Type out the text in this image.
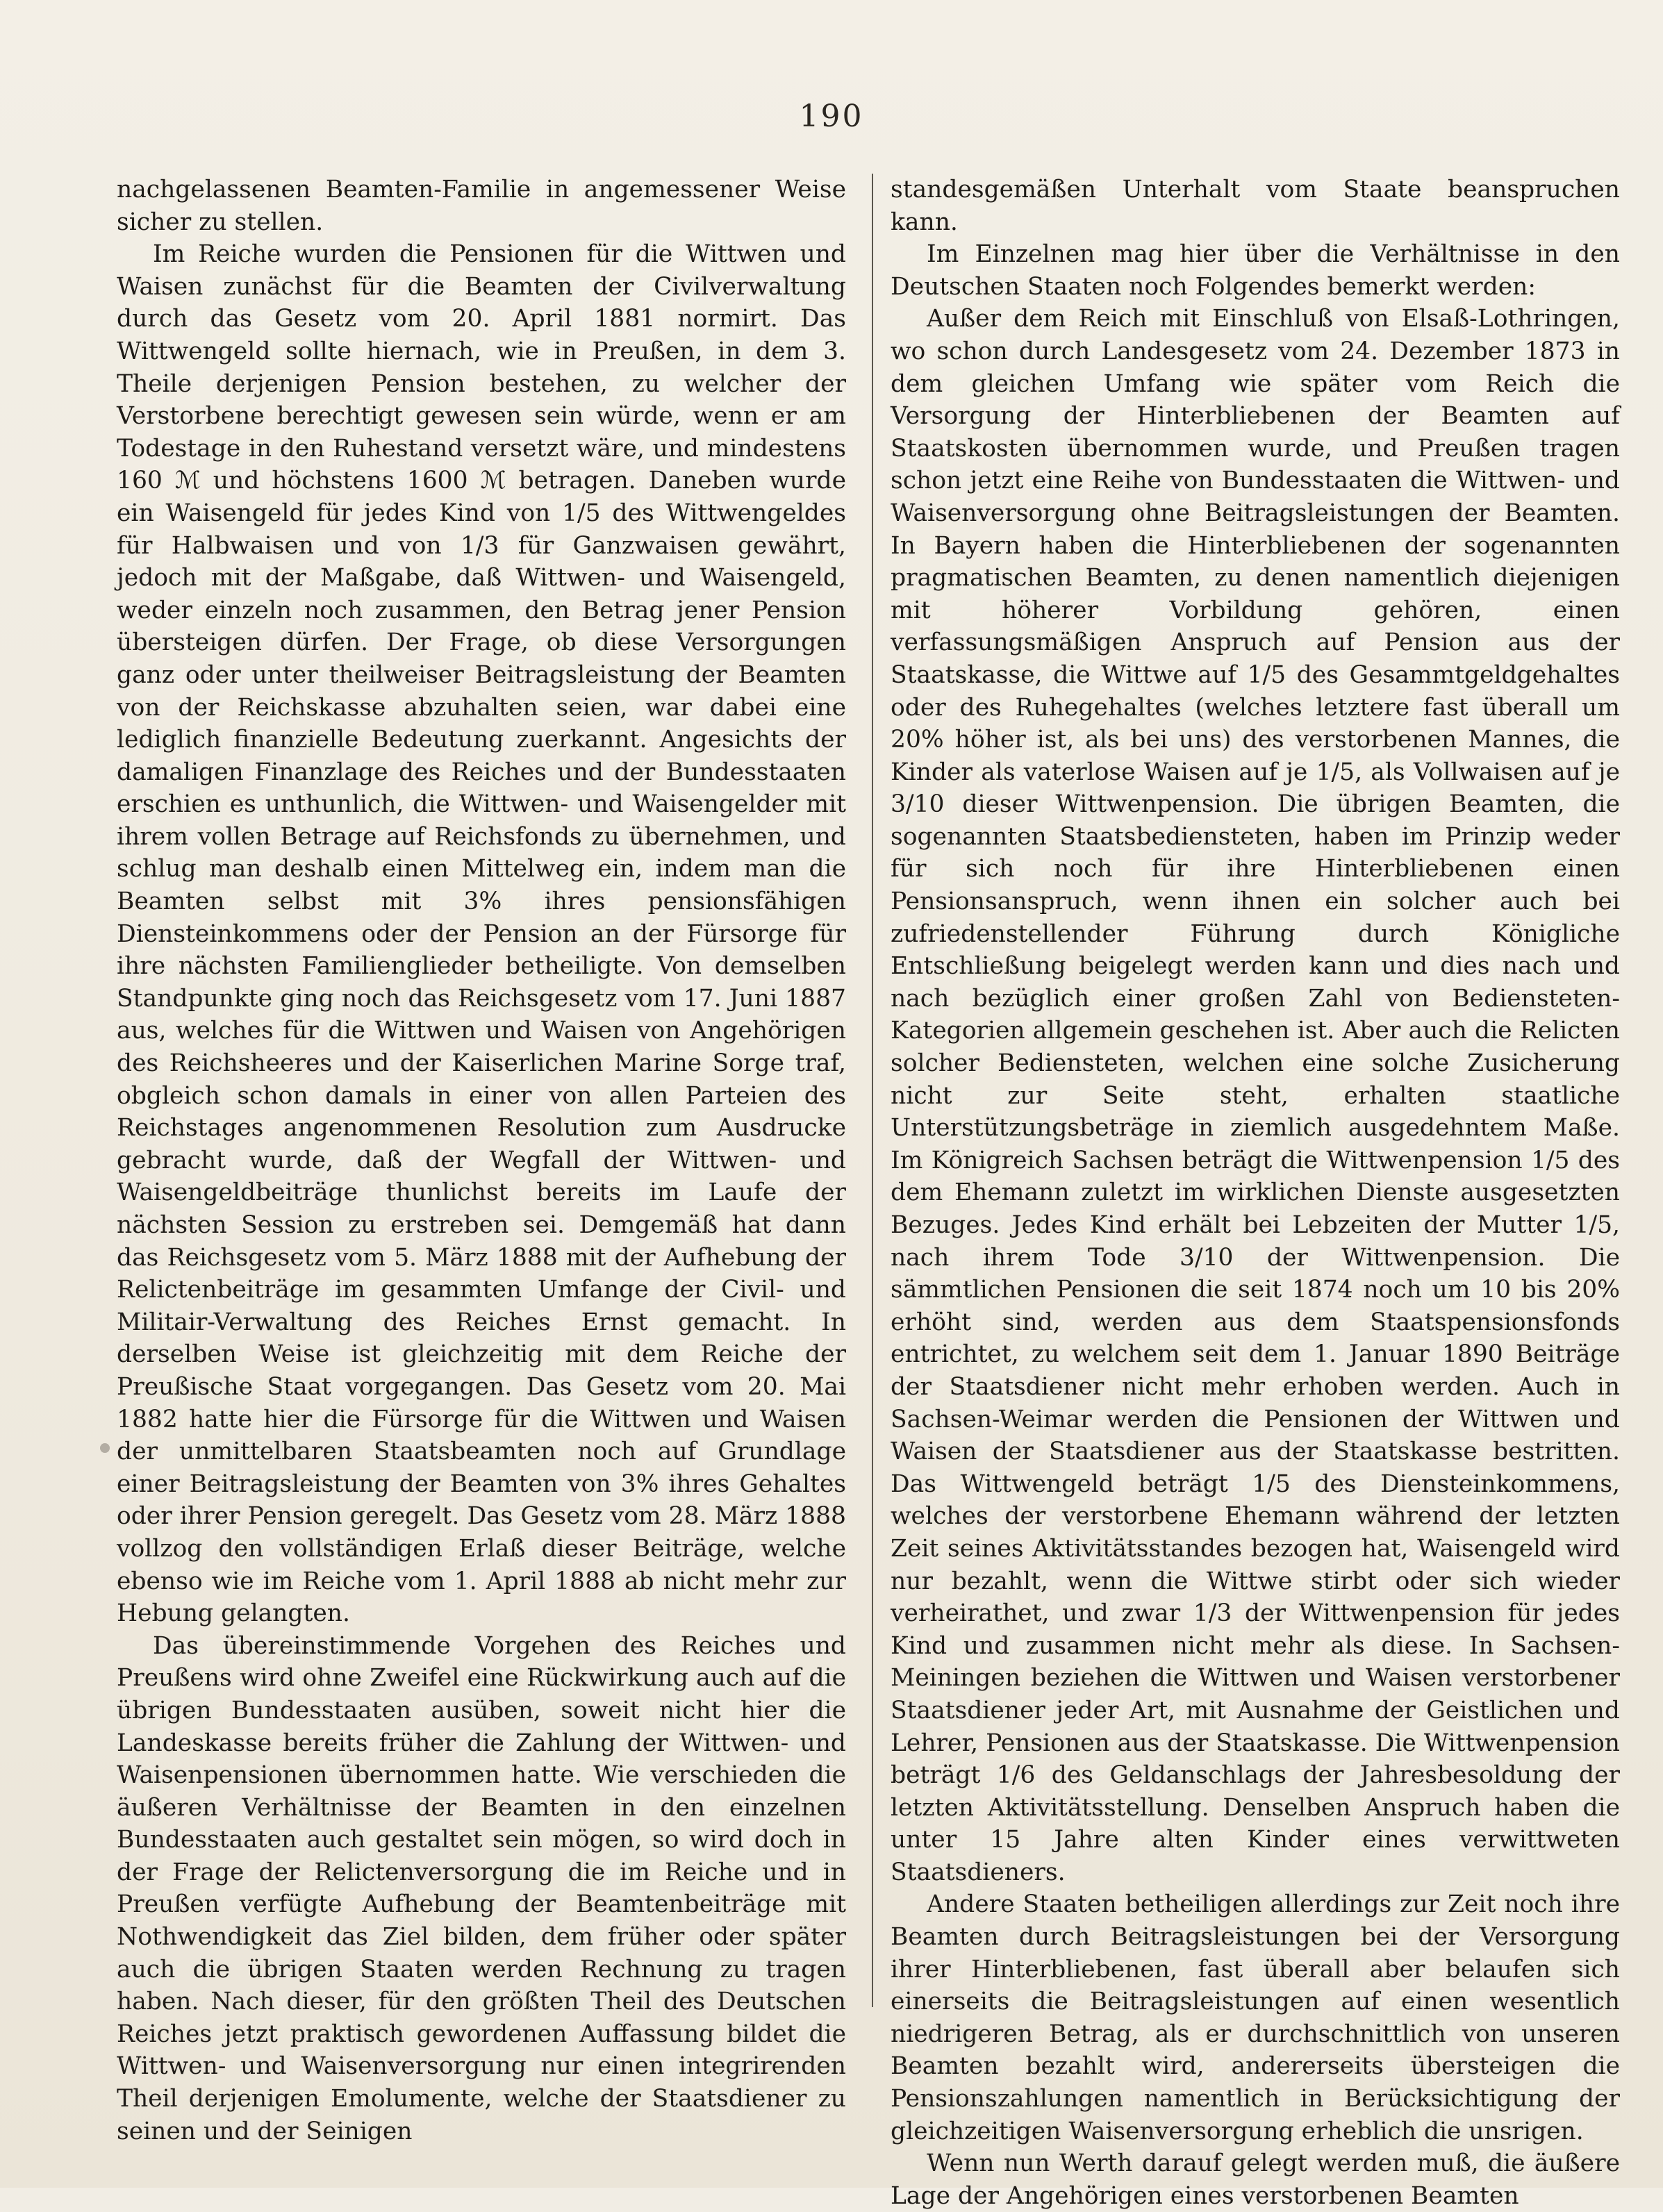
190

nachgelassenen Beamten-Familie in angemessener Weise sicher zu stellen.

Im Reiche wurden die Pensionen für die Wittwen und Waisen zunächst für die Beamten der Civilverwaltung durch das Gesetz vom 20. April 1881 normirt. Das Wittwengeld sollte hiernach, wie in Preußen, in dem 3. Theile derjenigen Pension bestehen, zu welcher der Verstorbene berechtigt gewesen sein würde, wenn er am Todestage in den Ruhestand versetzt wäre, und mindestens 160 ℳ und höchstens 1600 ℳ betragen. Daneben wurde ein Waisengeld für jedes Kind von 1/5 des Wittwengeldes für Halbwaisen und von 1/3 für Ganzwaisen gewährt, jedoch mit der Maßgabe, daß Wittwen- und Waisengeld, weder einzeln noch zusammen, den Betrag jener Pension übersteigen dürfen. Der Frage, ob diese Versorgungen ganz oder unter theilweiser Beitragsleistung der Beamten von der Reichskasse abzuhalten seien, war dabei eine lediglich finanzielle Bedeutung zuerkannt. Angesichts der damaligen Finanzlage des Reiches und der Bundesstaaten erschien es unthunlich, die Wittwen- und Waisengelder mit ihrem vollen Betrage auf Reichsfonds zu übernehmen, und schlug man deshalb einen Mittelweg ein, indem man die Beamten selbst mit 3% ihres pensionsfähigen Diensteinkommens oder der Pension an der Fürsorge für ihre nächsten Familienglieder betheiligte. Von demselben Standpunkte ging noch das Reichsgesetz vom 17. Juni 1887 aus, welches für die Wittwen und Waisen von Angehörigen des Reichsheeres und der Kaiserlichen Marine Sorge traf, obgleich schon damals in einer von allen Parteien des Reichstages angenommenen Resolution zum Ausdrucke gebracht wurde, daß der Wegfall der Wittwen- und Waisengeldbeiträge thunlichst bereits im Laufe der nächsten Session zu erstreben sei. Demgemäß hat dann das Reichsgesetz vom 5. März 1888 mit der Aufhebung der Relictenbeiträge im gesammten Umfange der Civil- und Militair-Verwaltung des Reiches Ernst gemacht. In derselben Weise ist gleichzeitig mit dem Reiche der Preußische Staat vorgegangen. Das Gesetz vom 20. Mai 1882 hatte hier die Fürsorge für die Wittwen und Waisen der unmittelbaren Staatsbeamten noch auf Grundlage einer Beitragsleistung der Beamten von 3% ihres Gehaltes oder ihrer Pension geregelt. Das Gesetz vom 28. März 1888 vollzog den vollständigen Erlaß dieser Beiträge, welche ebenso wie im Reiche vom 1. April 1888 ab nicht mehr zur Hebung gelangten.

Das übereinstimmende Vorgehen des Reiches und Preußens wird ohne Zweifel eine Rückwirkung auch auf die übrigen Bundesstaaten ausüben, soweit nicht hier die Landeskasse bereits früher die Zahlung der Wittwen- und Waisenpensionen übernommen hatte. Wie verschieden die äußeren Verhältnisse der Beamten in den einzelnen Bundesstaaten auch gestaltet sein mögen, so wird doch in der Frage der Relictenversorgung die im Reiche und in Preußen verfügte Aufhebung der Beamtenbeiträge mit Nothwendigkeit das Ziel bilden, dem früher oder später auch die übrigen Staaten werden Rechnung zu tragen haben. Nach dieser, für den größten Theil des Deutschen Reiches jetzt praktisch gewordenen Auffassung bildet die Wittwen- und Waisenversorgung nur einen integrirenden Theil derjenigen Emolumente, welche der Staatsdiener zu seinen und der Seinigen

standesgemäßen Unterhalt vom Staate beanspruchen kann.

Im Einzelnen mag hier über die Verhältnisse in den Deutschen Staaten noch Folgendes bemerkt werden:

Außer dem Reich mit Einschluß von Elsaß-Lothringen, wo schon durch Landesgesetz vom 24. Dezember 1873 in dem gleichen Umfang wie später vom Reich die Versorgung der Hinterbliebenen der Beamten auf Staatskosten übernommen wurde, und Preußen tragen schon jetzt eine Reihe von Bundesstaaten die Wittwen- und Waisenversorgung ohne Beitragsleistungen der Beamten. In Bayern haben die Hinterbliebenen der sogenannten pragmatischen Beamten, zu denen namentlich diejenigen mit höherer Vorbildung gehören, einen verfassungsmäßigen Anspruch auf Pension aus der Staatskasse, die Wittwe auf 1/5 des Gesammtgeldgehaltes oder des Ruhegehaltes (welches letztere fast überall um 20% höher ist, als bei uns) des verstorbenen Mannes, die Kinder als vaterlose Waisen auf je 1/5, als Vollwaisen auf je 3/10 dieser Wittwenpension. Die übrigen Beamten, die sogenannten Staatsbediensteten, haben im Prinzip weder für sich noch für ihre Hinterbliebenen einen Pensionsanspruch, wenn ihnen ein solcher auch bei zufriedenstellender Führung durch Königliche Entschließung beigelegt werden kann und dies nach und nach bezüglich einer großen Zahl von Bediensteten-Kategorien allgemein geschehen ist. Aber auch die Relicten solcher Bediensteten, welchen eine solche Zusicherung nicht zur Seite steht, erhalten staatliche Unterstützungsbeträge in ziemlich ausgedehntem Maße. Im Königreich Sachsen beträgt die Wittwenpension 1/5 des dem Ehemann zuletzt im wirklichen Dienste ausgesetzten Bezuges. Jedes Kind erhält bei Lebzeiten der Mutter 1/5, nach ihrem Tode 3/10 der Wittwenpension. Die sämmtlichen Pensionen die seit 1874 noch um 10 bis 20% erhöht sind, werden aus dem Staatspensionsfonds entrichtet, zu welchem seit dem 1. Januar 1890 Beiträge der Staatsdiener nicht mehr erhoben werden. Auch in Sachsen-Weimar werden die Pensionen der Wittwen und Waisen der Staatsdiener aus der Staatskasse bestritten. Das Wittwengeld beträgt 1/5 des Diensteinkommens, welches der verstorbene Ehemann während der letzten Zeit seines Aktivitätsstandes bezogen hat, Waisengeld wird nur bezahlt, wenn die Wittwe stirbt oder sich wieder verheirathet, und zwar 1/3 der Wittwenpension für jedes Kind und zusammen nicht mehr als diese. In Sachsen-Meiningen beziehen die Wittwen und Waisen verstorbener Staatsdiener jeder Art, mit Ausnahme der Geistlichen und Lehrer, Pensionen aus der Staatskasse. Die Wittwenpension beträgt 1/6 des Geldanschlags der Jahresbesoldung der letzten Aktivitätsstellung. Denselben Anspruch haben die unter 15 Jahre alten Kinder eines verwittweten Staatsdieners.

Andere Staaten betheiligen allerdings zur Zeit noch ihre Beamten durch Beitragsleistungen bei der Versorgung ihrer Hinterbliebenen, fast überall aber belaufen sich einerseits die Beitragsleistungen auf einen wesentlich niedrigeren Betrag, als er durchschnittlich von unseren Beamten bezahlt wird, andererseits übersteigen die Pensionszahlungen namentlich in Berücksichtigung der gleichzeitigen Waisenversorgung erheblich die unsrigen.

Wenn nun Werth darauf gelegt werden muß, die äußere Lage der Angehörigen eines verstorbenen Beamten
